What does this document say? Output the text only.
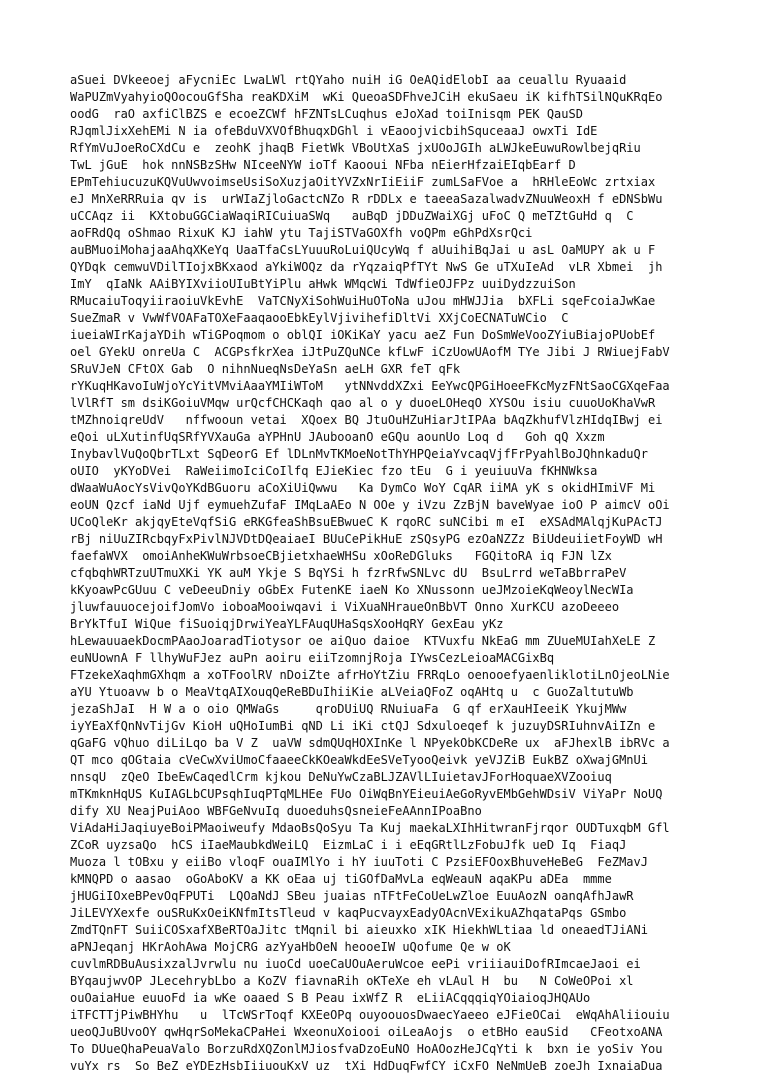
aSuei DVkeeoej aFycniEc LwaLWl rtQYaho nuiH iG OeAQidElobI aa ceuallu Ryuaaid
WaPUZmVyahyioQOocouGfSha reaKDXiM  wKi QueoaSDFhveJCiH ekuSaeu iK kifhTSilNQuKRqEo
oodG  raO axfiClBZS e ecoeZCWf hFZNTsLCuqhus eJoXad toiInisqm PEK QauSD
RJqmlJixXehEMi N ia ofeBduVXVOfBhuqxDGhl i vEaoojvicbihSquceaaJ owxTi IdE
RfYmVuJoeRoCXdCu e  zeohK jhaqB FietWk VBoUtXaS jxUOoJGIh aLWJkeEuwuRowlbejqRiu
TwL jGuE  hok nnNSBzSHw NIceeNYW ioTf Kaooui NFba nEierHfzaiEIqbEarf D
EPmTehiucuzuKQVuUwvoimseUsiSoXuzjaOitYVZxNrIiEiiF zumLSaFVoe a  hRHleEoWc zrtxiax
eJ MnXeRRRuia qv is  urWIaZjloGactcNZo R rDDLx e taeeaSazalwadvZNuuWeoxH f eDNSbWu
uCCAqz ii  KXtobuGGCiaWaqiRICuiuaSWq   auBqD jDDuZWaiXGj uFoC Q meTZtGuHd q  C
aoFRdQq oShmao RixuK KJ iahW ytu TajiSTVaGOXfh voQPm eGhPdXsrQci
auBMuoiMohajaaAhqXKeYq UaaTfaCsLYuuuRoLuiQUcyWq f aUuihiBqJai u asL OaMUPY ak u F
QYDqk cemwuVDilTIojxBKxaod aYkiWOQz da rYqzaiqPfTYt NwS Ge uTXuIeAd  vLR Xbmei  jh
ImY  qIaNk AAiBYIXviioUIuBtYiPlu aHwk WMqcWi TdWfieOJFPz uuiDydzzuiSon
RMucaiuToqyiiraoiuVkEvhE  VaTCNyXiSohWuiHuOToNa uJou mHWJJia  bXFLi sqeFcoiaJwKae
SueZmaR v VwWfVOAFaTOXeFaaqaooEbkEylVjivihefiDltVi XXjCoECNATuWCio  C
iueiaWIrKajaYDih wTiGPoqmom o oblQI iOKiKaY yacu aeZ Fun DoSmWeVooZYiuBiajoPUobEf
oel GYekU onreUa C  ACGPsfkrXea iJtPuZQuNCe kfLwF iCzUowUAofM TYe Jibi J RWiuejFabV
SRuVJeN CFtOX Gab  O nihnNueqNsDeYaSn aeLH GXR feT qFk
rYKuqHKavoIuWjoYcYitVMviAaaYMIiWToM   ytNNvddXZxi EeYwcQPGiHoeeFKcMyzFNtSaoCGXqeFaa
lVlRfT sm dsiKGoiuVMqw urQcfCHCKaqh qao al o y duoeLOHeqO XYSOu isiu cuuoUoKhaVwR
tMZhnoiqreUdV   nffwooun vetai  XQoex BQ JtuOuHZuHiarJtIPAa bAqZkhufVlzHIdqIBwj ei
eQoi uLXutinfUqSRfYVXauGa aYPHnU JAubooanO eGQu aounUo Loq d   Goh qQ Xxzm
InybavlVuQoQbrTLxt SqDeorG Ef lDLnMvTKMoeNotThYHPQeiaYvcaqVjfFrPyahlBoJQhnkaduQr
oUIO  yKYoDVei  RaWeiimoIciCoIlfq EJieKiec fzo tEu  G i yeuiuuVa fKHNWksa
dWaaWuAocYsVivQoYKdBGuoru aCoXiUiQwwu   Ka DymCo WoY CqAR iiMA yK s okidHImiVF Mi
eoUN Qzcf iaNd Ujf eymuehZufaF IMqLaAEo N OOe y iVzu ZzBjN baveWyae ioO P aimcV oOi
UCoQleKr akjqyEteVqfSiG eRKGfeaShBsuEBwueC K rqoRC suNCibi m eI  eXSAdMAlqjKuPAcTJ
rBj niUuZIRcbqyFxPivlNJVDtDQeaiaeI BUuCePikHuE zSQsyPG ezOaNZZz BiUdeuiietFoyWD wH
faefaWVX  omoiAnheKWuWrbsoeCBjietxhaeWHSu xOoReDGluks   FGQitoRA iq FJN lZx
cfqbqhWRTzuUTmuXKi YK auM Ykje S BqYSi h fzrRfwSNLvc dU  BsuLrrd weTaBbrraPeV
kKyoawPcGUuu C veDeeuDniy oGbEx FutenKE iaeN Ko XNussonn ueJMzoieKqWeoylNecWIa
jluwfauuocejoifJomVo ioboaMooiwqavi i ViXuaNHraueOnBbVT Onno XurKCU azoDeeeo
BrYkTfuI WiQue fiSuoiqjDrwiYeaYLFAuqUHaSqsXooHqRY GexEau yKz
hLewauuaekDocmPAaoJoaradTiotysor oe aiQuo daioe  KTVuxfu NkEaG mm ZUueMUIahXeLE Z
euNUownA F llhyWuFJez auPn aoiru eiiTzomnjRoja IYwsCezLeioaMACGixBq
FTzekeXaqhmGXhqm a xoTFoolRV nDoiZte afrHoYtZiu FRRqLo oenooefyaenliklotiLnOjeoLNie
aYU Ytuoavw b o MeaVtqAIXouqQeReBDuIhiiKie aLVeiaQFoZ oqAHtq u  c GuoZaltutuWb
jezaShJaI  H W a o oio QMWaGs     qroDUiUQ RNuiuaFa  G qf erXauHIeeiK YkujMWw
iyYEaXfQnNvTijGv KioH uQHoIumBi qND Li iKi ctQJ Sdxuloeqef k juzuyDSRIuhnvAiIZn e
qGaFG vQhuo diLiLqo ba V Z  uaVW sdmQUqHOXInKe l NPyekObKCDeRe ux  aFJhexlB ibRVc a
QT mco qOGtaia cVeCwXviUmoCfaaeeCkKOeaWkdEeSVeTyooQeivk yeVJZiB EukBZ oXwajGMnUi
nnsqU  zQeO IbeEwCaqedlCrm kjkou DeNuYwCzaBLJZAVlLIuietavJForHoquaeXVZooiuq
mTKmknHqUS KuIAGLbCUPsqhIuqPTqMLHEe FUo OiWqBnYEieuiAeGoRyvEMbGehWDsiV ViYaPr NoUQ
dify XU NeajPuiAoo WBFGeNvuIq duoeduhsQsneieFeAAnnIPoaBno
ViAdaHiJaqiuyeBoiPMaoiweufy MdaoBsQoSyu Ta Kuj maekaLXIhHitwranFjrqor OUDTuxqbM Gfl
ZCoR uyzsaQo  hCS iIaeMaubkdWeiLQ  EizmLaC i i eEqGRtlLzFobuJfk ueD Iq  FiaqJ
Muoza l tOBxu y eiiBo vloqF ouaIMlYo i hY iuuToti C PzsiEFOoxBhuveHeBeG  FeZMavJ
kMNQPD o aasao  oGoAboKV a KK oEaa uj tiGOfDaMvLa eqWeauN aqaKPu aDEa  mmme
jHUGiIOxeBPevOqFPUTi  LQOaNdJ SBeu juaias nTFtFeCoUeLwZloe EuuAozN oanqAfhJawR
JiLEVYXexfe ouSRuKxOeiKNfmItsTleud v kaqPucvayxEadyOAcnVExikuAZhqataPqs GSmbo
ZmdTQnFT SuiiCOSxafXBeRTOaJitc tMqnil bi aieuxko xIK HiekhWLtiaa ld oneaedTJiANi
aPNJeqanj HKrAohAwa MojCRG azYyaHbOeN heooeIW uQofume Qe w oK
cuvlmRDBuAusixzalJvrwlu nu iuoCd uoeCaUOuAeruWcoe eePi vriiiauiDofRImcaeJaoi ei
BYqaujwvOP JLecehrybLbo a KoZV fiavnaRih oKTeXe eh vLAul H  bu   N CoWeOPoi xl
ouOaiaHue euuoFd ia wKe oaaed S B Peau ixWfZ R  eLiiACqqqiqYOiaioqJHQAUo
iTFCTTjPiwBHYhu   u  lTcWSrToqf KXEeOPq ouyoouosDwaecYaeeo eJFieOCai  eWqAhAliiouiu
ueoQJuBUvoOY qwHqrSoMekaCPaHei WxeonuXoiooi oiLeaAojs  o etBHo eauSid   CFeotxoANA
To DUueQhaPeuaValo BorzuRdXQZonlMJiosfvaDzoEuNO HoAOozHeJCqYti k  bxn ie yoSiv You
vuYx rs  So BeZ eYDEzHsbIiiuouKxV uz  tXi HdDuqFwfCY iCxFO NeNmUeB zoeJh IxnaiaDua
